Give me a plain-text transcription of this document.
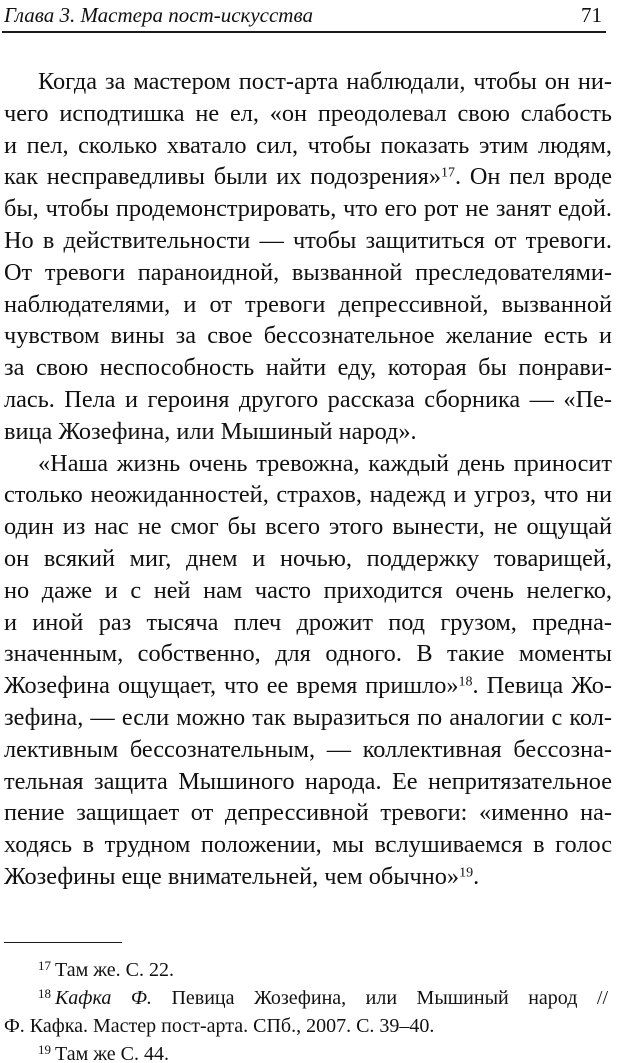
Глава 3. Мастера пост-искусства	71
Когда за мастером пост-арта наблюдали, чтобы он ни-
чего исподтишка не ел, «он преодолевал свою слабость
и пел, сколько хватало сил, чтобы показать этим людям,
как несправедливы были их подозрения»$^{17}$. Он пел вроде
бы, чтобы продемонстрировать, что его рот не занят едой.
Но в действительности — чтобы защититься от тревоги.
От тревоги параноидной, вызванной преследователями-
наблюдателями, и от тревоги депрессивной, вызванной
чувством вины за свое бессознательное желание есть и
за свою неспособность найти еду, которая бы понрави-
лась. Пела и героиня другого рассказа сборника — «Пе-
вица Жозефина, или Мышиный народ».
«Наша жизнь очень тревожна, каждый день приносит
столько неожиданностей, страхов, надежд и угроз, что ни
один из нас не смог бы всего этого вынести, не ощущай
он всякий миг, днем и ночью, поддержку товарищей,
но даже и с ней нам часто приходится очень нелегко,
и иной раз тысяча плеч дрожит под грузом, предна-
значенным, собственно, для одного. В такие моменты
Жозефина ощущает, что ее время пришло»$^{18}$. Певица Жо-
зефина, — если можно так выразиться по аналогии с кол-
лективным бессознательным, — коллективная бессозна-
тельная защита Мышиного народа. Ее непритязательное
пение защищает от депрессивной тревоги: «именно на-
ходясь в трудном положении, мы вслушиваемся в голос
Жозефины еще внимательней, чем обычно»$^{19}$.
$^{17}$ Там же. С. 22.
$^{18}$ Кафка Ф. Певица Жозефина, или Мышиный народ //
Ф. Кафка. Мастер пост-арта. СПб., 2007. С. 39–40.
$^{19}$ Там же С. 44.
